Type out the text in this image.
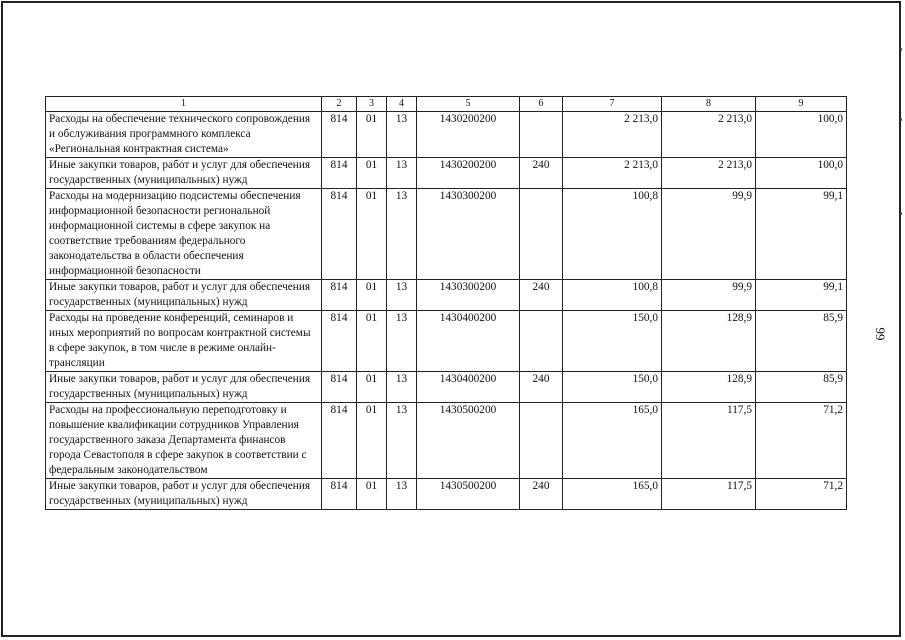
99
1	2	3	4	5	6	7	8	9
Расходы на обеспечение технического сопровождения и обслуживания программного комплекса «Региональная контрактная система»	814	01	13	1430200200		2 213,0	2 213,0	100,0
Иные закупки товаров, работ и услуг для обеспечения государственных (муниципальных) нужд	814	01	13	1430200200	240	2 213,0	2 213,0	100,0
Расходы на модернизацию подсистемы обеспечения информационной безопасности региональной информационной системы в сфере закупок на соответствие требованиям федерального законодательства в области обеспечения информационной безопасности	814	01	13	1430300200		100,8	99,9	99,1
Иные закупки товаров, работ и услуг для обеспечения государственных (муниципальных) нужд	814	01	13	1430300200	240	100,8	99,9	99,1
Расходы на проведение конференций, семинаров и иных мероприятий по вопросам контрактной системы в сфере закупок, в том числе в режиме онлайн-трансляции	814	01	13	1430400200		150,0	128,9	85,9
Иные закупки товаров, работ и услуг для обеспечения государственных (муниципальных) нужд	814	01	13	1430400200	240	150,0	128,9	85,9
Расходы на профессиональную переподготовку и повышение квалификации сотрудников Управления государственного заказа Департамента финансов города Севастополя в сфере закупок в соответствии с федеральным законодательством	814	01	13	1430500200		165,0	117,5	71,2
Иные закупки товаров, работ и услуг для обеспечения государственных (муниципальных) нужд	814	01	13	1430500200	240	165,0	117,5	71,2
